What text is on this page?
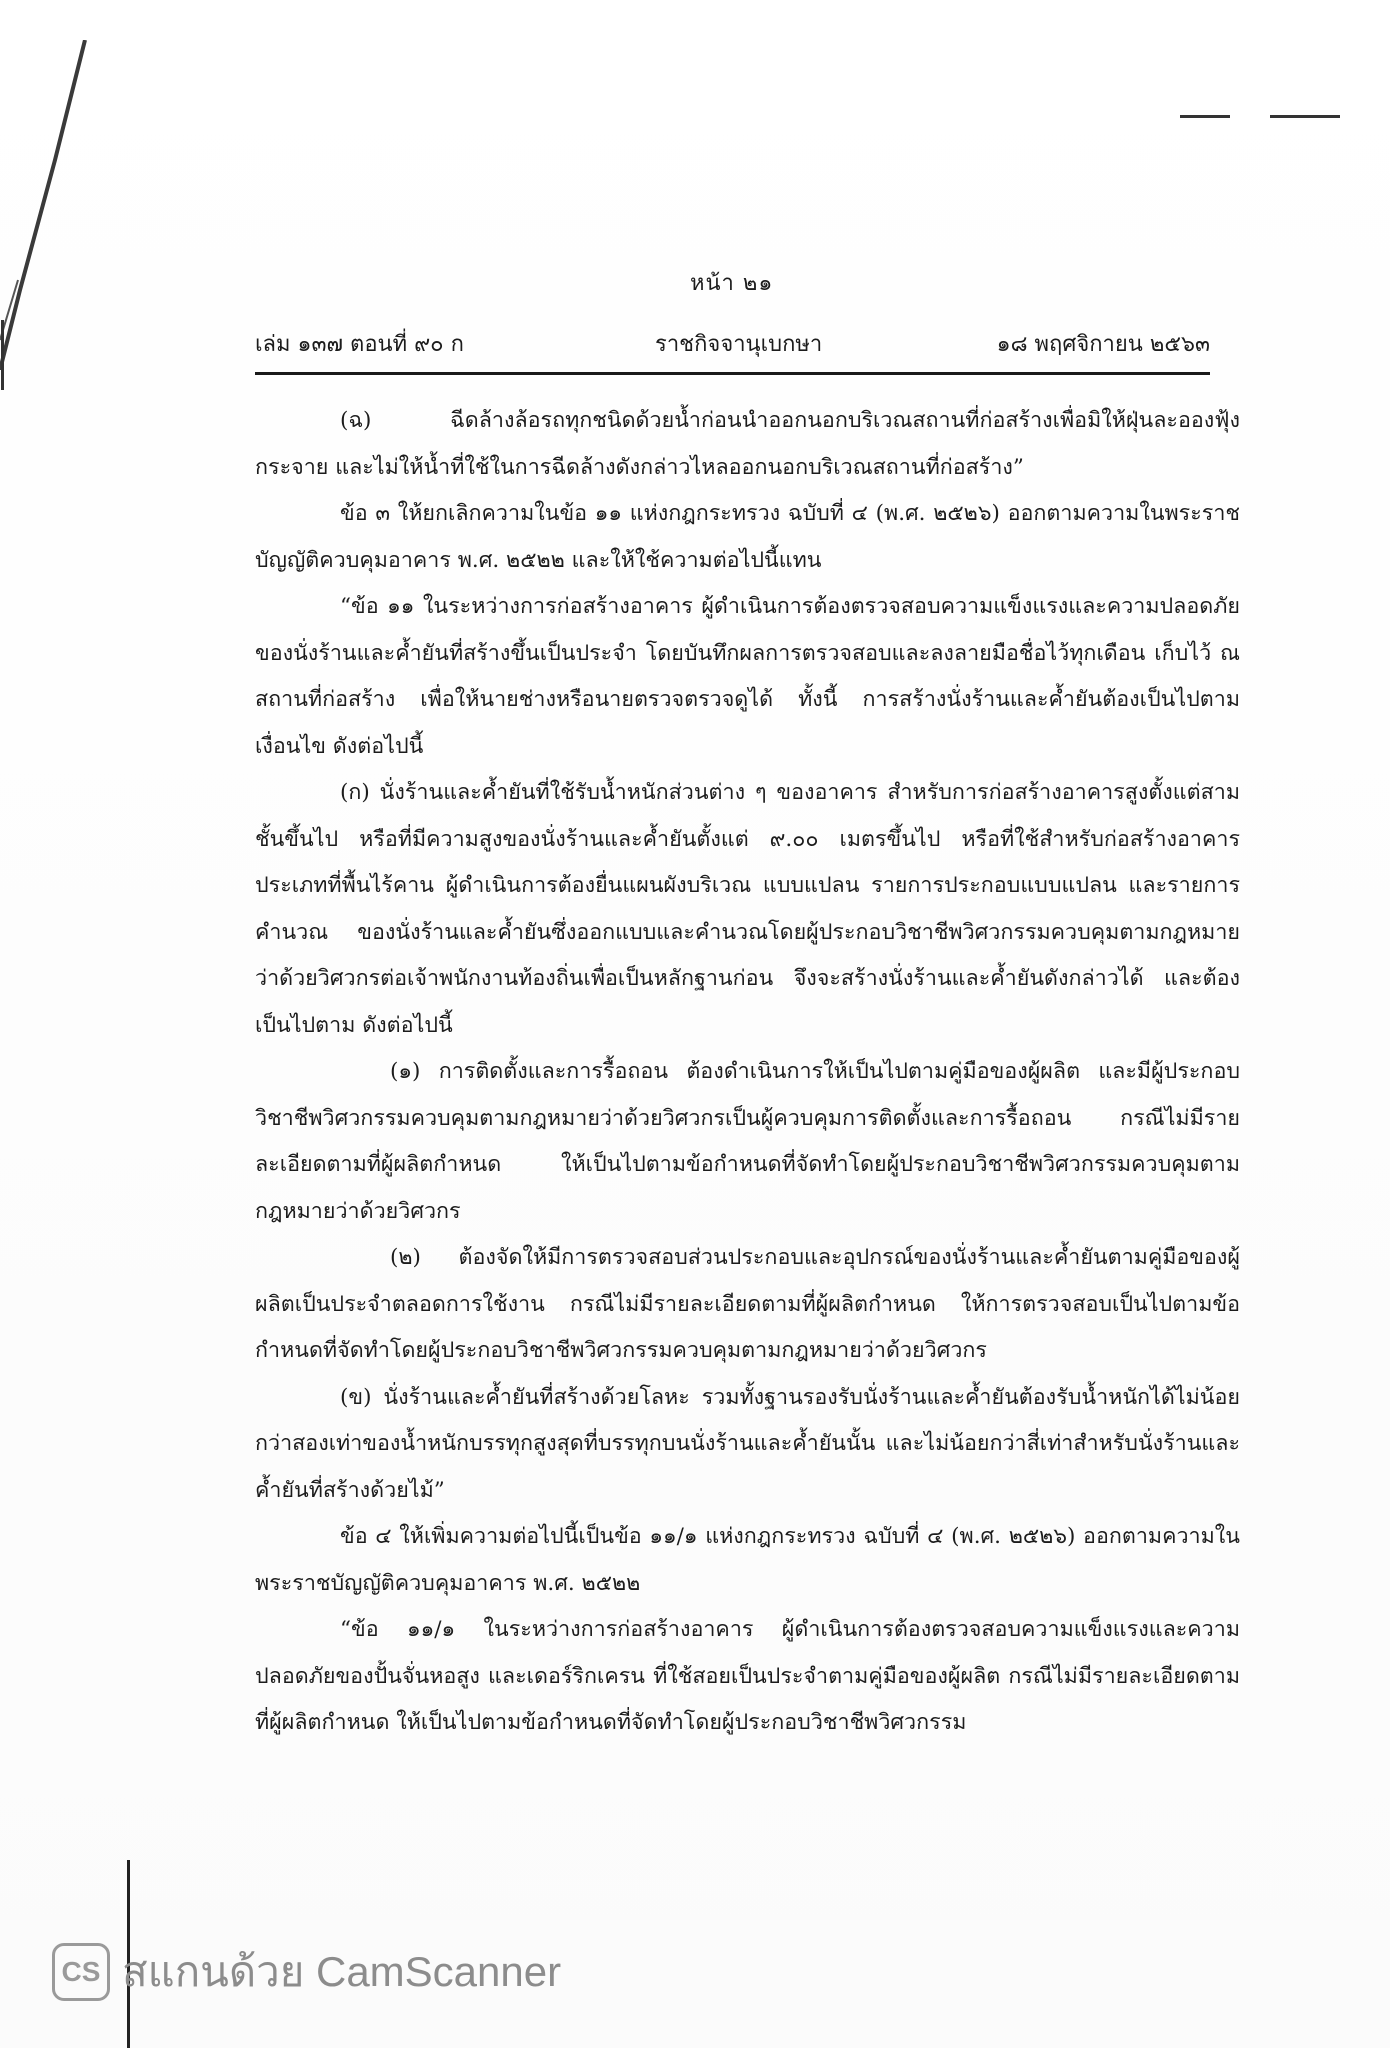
หน้า ๒๑
เล่ม ๑๓๗ ตอนที่ ๙๐ ก	ราชกิจจานุเบกษา	๑๘ พฤศจิกายน ๒๕๖๓

(ฉ) ฉีดล้างล้อรถทุกชนิดด้วยน้ำก่อนนำออกนอกบริเวณสถานที่ก่อสร้างเพื่อมิให้ฝุ่นละอองฟุ้งกระจาย และไม่ให้น้ำที่ใช้ในการฉีดล้างดังกล่าวไหลออกนอกบริเวณสถานที่ก่อสร้าง”

ข้อ ๓ ให้ยกเลิกความในข้อ ๑๑ แห่งกฎกระทรวง ฉบับที่ ๔ (พ.ศ. ๒๕๒๖) ออกตามความในพระราชบัญญัติควบคุมอาคาร พ.ศ. ๒๕๒๒ และให้ใช้ความต่อไปนี้แทน

“ข้อ ๑๑ ในระหว่างการก่อสร้างอาคาร ผู้ดำเนินการต้องตรวจสอบความแข็งแรงและความปลอดภัยของนั่งร้านและค้ำยันที่สร้างขึ้นเป็นประจำ โดยบันทึกผลการตรวจสอบและลงลายมือชื่อไว้ทุกเดือน เก็บไว้ ณ สถานที่ก่อสร้าง เพื่อให้นายช่างหรือนายตรวจตรวจดูได้ ทั้งนี้ การสร้างนั่งร้านและค้ำยันต้องเป็นไปตามเงื่อนไข ดังต่อไปนี้

(ก) นั่งร้านและค้ำยันที่ใช้รับน้ำหนักส่วนต่าง ๆ ของอาคาร สำหรับการก่อสร้างอาคารสูงตั้งแต่สามชั้นขึ้นไป หรือที่มีความสูงของนั่งร้านและค้ำยันตั้งแต่ ๙.๐๐ เมตรขึ้นไป หรือที่ใช้สำหรับก่อสร้างอาคารประเภทที่พื้นไร้คาน ผู้ดำเนินการต้องยื่นแผนผังบริเวณ แบบแปลน รายการประกอบแบบแปลน และรายการคำนวณ ของนั่งร้านและค้ำยันซึ่งออกแบบและคำนวณโดยผู้ประกอบวิชาชีพวิศวกรรมควบคุมตามกฎหมายว่าด้วยวิศวกรต่อเจ้าพนักงานท้องถิ่นเพื่อเป็นหลักฐานก่อน จึงจะสร้างนั่งร้านและค้ำยันดังกล่าวได้ และต้องเป็นไปตาม ดังต่อไปนี้

(๑) การติดตั้งและการรื้อถอน ต้องดำเนินการให้เป็นไปตามคู่มือของผู้ผลิต และมีผู้ประกอบวิชาชีพวิศวกรรมควบคุมตามกฎหมายว่าด้วยวิศวกรเป็นผู้ควบคุมการติดตั้งและการรื้อถอน กรณีไม่มีรายละเอียดตามที่ผู้ผลิตกำหนด ให้เป็นไปตามข้อกำหนดที่จัดทำโดยผู้ประกอบวิชาชีพวิศวกรรมควบคุมตามกฎหมายว่าด้วยวิศวกร

(๒) ต้องจัดให้มีการตรวจสอบส่วนประกอบและอุปกรณ์ของนั่งร้านและค้ำยันตามคู่มือของผู้ผลิตเป็นประจำตลอดการใช้งาน กรณีไม่มีรายละเอียดตามที่ผู้ผลิตกำหนด ให้การตรวจสอบเป็นไปตามข้อกำหนดที่จัดทำโดยผู้ประกอบวิชาชีพวิศวกรรมควบคุมตามกฎหมายว่าด้วยวิศวกร

(ข) นั่งร้านและค้ำยันที่สร้างด้วยโลหะ รวมทั้งฐานรองรับนั่งร้านและค้ำยันต้องรับน้ำหนักได้ไม่น้อยกว่าสองเท่าของน้ำหนักบรรทุกสูงสุดที่บรรทุกบนนั่งร้านและค้ำยันนั้น และไม่น้อยกว่าสี่เท่าสำหรับนั่งร้านและค้ำยันที่สร้างด้วยไม้”

ข้อ ๔ ให้เพิ่มความต่อไปนี้เป็นข้อ ๑๑/๑ แห่งกฎกระทรวง ฉบับที่ ๔ (พ.ศ. ๒๕๒๖) ออกตามความในพระราชบัญญัติควบคุมอาคาร พ.ศ. ๒๕๒๒

“ข้อ ๑๑/๑ ในระหว่างการก่อสร้างอาคาร ผู้ดำเนินการต้องตรวจสอบความแข็งแรงและความปลอดภัยของปั้นจั่นหอสูง และเดอร์ริกเครน ที่ใช้สอยเป็นประจำตามคู่มือของผู้ผลิต กรณีไม่มีรายละเอียดตามที่ผู้ผลิตกำหนด ให้เป็นไปตามข้อกำหนดที่จัดทำโดยผู้ประกอบวิชาชีพวิศวกรรม

CS สแกนด้วย CamScanner
